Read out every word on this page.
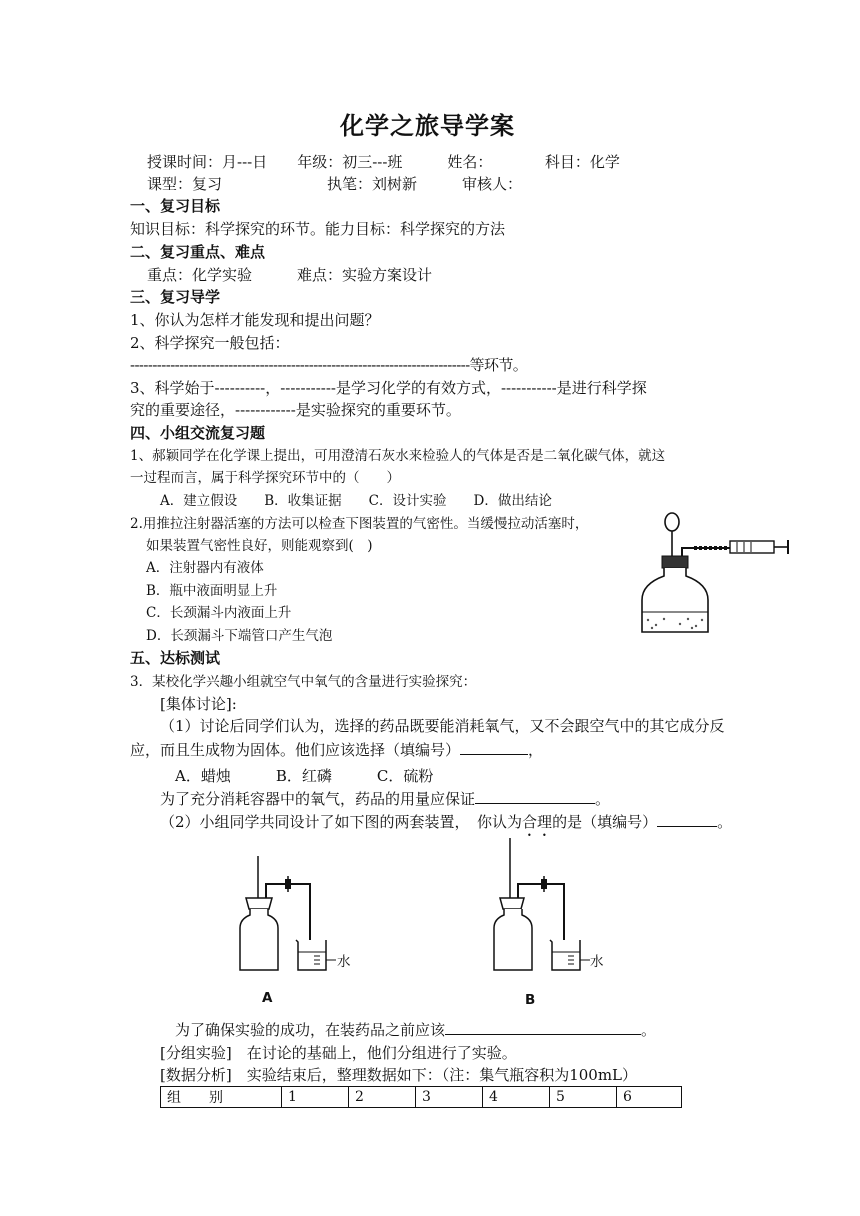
化学之旅导学案
授课时间：月---日　　年级：初三---班　　　姓名：　　　　科目：化学
课型：复习　　　　　　　执笔：刘树新　　　审核人：
一、复习目标
知识目标：科学探究的环节。能力目标：科学探究的方法
二、复习重点、难点
重点：化学实验　　　难点：实验方案设计
三、复习导学
1、你认为怎样才能发现和提出问题？
2、科学探究一般包括：
----------------------------------------------------------------------------等环节。
3、科学始于----------，-----------是学习化学的有效方式，-----------是进行科学探
究的重要途径，------------是实验探究的重要环节。
四、小组交流复习题
1、郝颖同学在化学课上提出，可用澄清石灰水来检验人的气体是否是二氧化碳气体，就这
一过程而言，属于科学探究环节中的（　　）
A．建立假设　　B．收集证据　　C．设计实验　　D．做出结论
2.用推拉注射器活塞的方法可以检查下图装置的气密性。当缓慢拉动活塞时，
如果装置气密性良好，则能观察到(　)
A．注射器内有液体
B．瓶中液面明显上升
C．长颈漏斗内液面上升
D．长颈漏斗下端管口产生气泡
五、达标测试
3．某校化学兴趣小组就空气中氧气的含量进行实验探究：
[集体讨论]:
（1）讨论后同学们认为，选择的药品既要能消耗氧气，又不会跟空气中的其它成分反
应，而且生成物为固体。他们应该选择（填编号）	，
A．蜡烛　　　B．红磷　　　C．硫粉
为了充分消耗容器中的氧气，药品的用量应保证	。
（2）小组同学共同设计了如下图的两套装置，　你认为合理的是（填编号）	。
水
A
水
B
为了确保实验的成功，在装药品之前应该	。
[分组实验]　在讨论的基础上，他们分组进行了实验。
[数据分析]　实验结束后，整理数据如下：（注：集气瓶容积为100mL）
组　　别	1	2	3	4	5	6
